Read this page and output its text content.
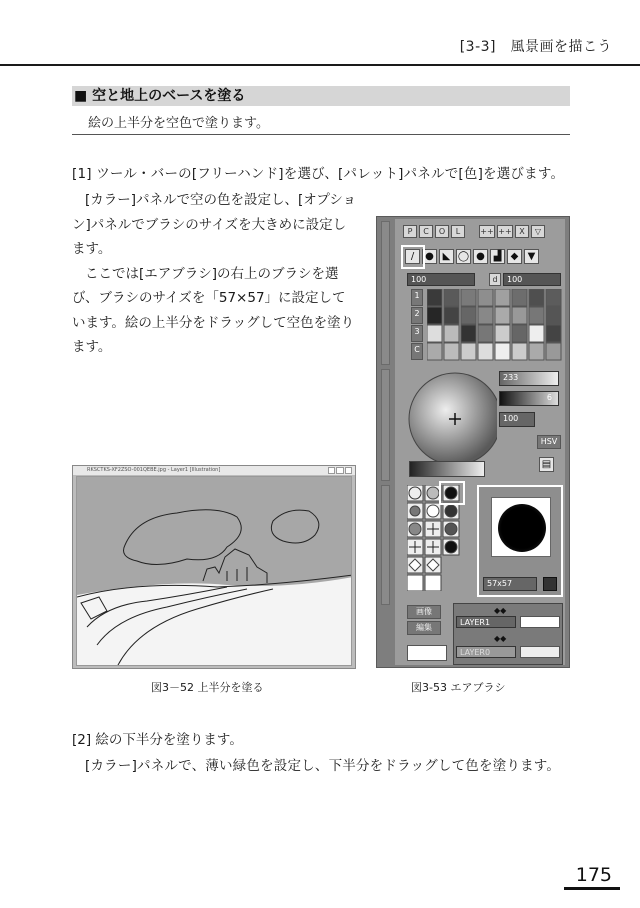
[3-3]　風景画を描こう
■ 空と地上のベースを塗る
絵の上半分を空色で塗ります。
[1] ツール・バーの[フリーハンド]を選び、[パレット]パネルで[色]を選びます。

[カラー]パネルで空の色を設定し、[オプション]パネルでブラシのサイズを大きめに設定します。

ここでは[エアブラシ]の右上のブラシを選び、ブラシのサイズを「57×57」に設定しています。絵の上半分をドラッグして空色を塗ります。

RKSCTKS-XF2ZSO-001QEBE.jpg - Layer1 [Illustration]
図3－52 上半分を塗る
P	C	O	L	++ ++ X	▽
/	● ◣ ◯ ● ▟ ◆ ▼
100	d	100
1
2
3
C
233
6
100
HSV
▤
57x57
画像
編集
◆◆
LAYER1
◆◆
LAYER0
図3-53 エアブラシ
[2] 絵の下半分を塗ります。
[カラー]パネルで、薄い緑色を設定し、下半分をドラッグして色を塗ります。
175
